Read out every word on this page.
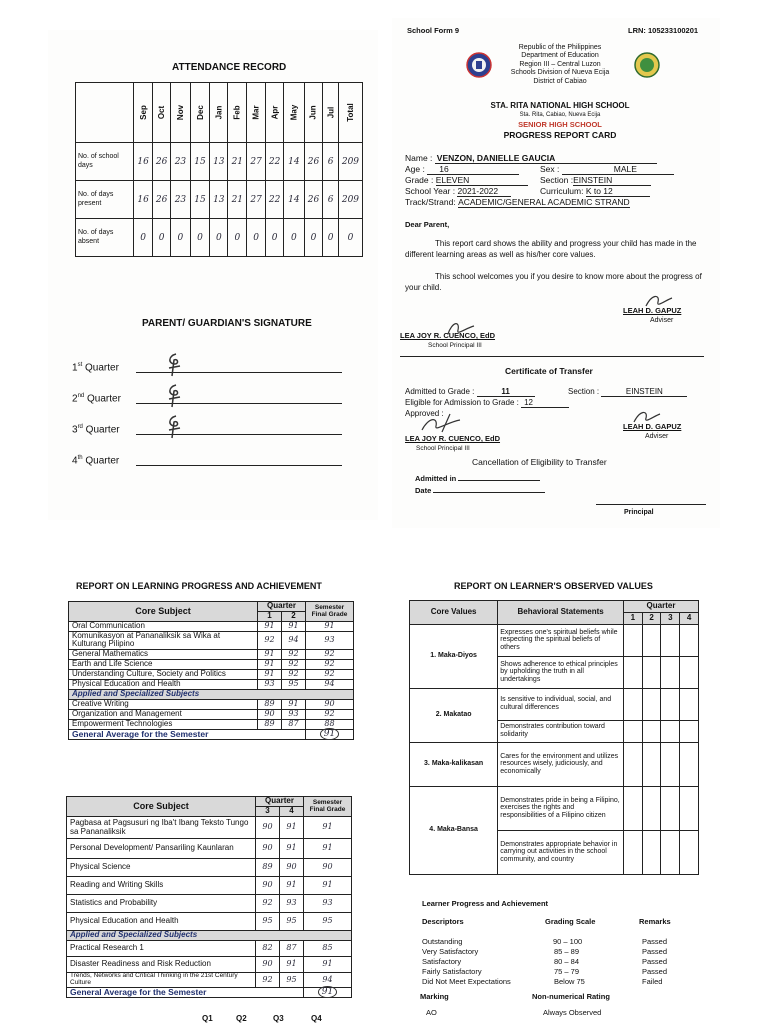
ATTENDANCE RECORD
	Sep	Oct	Nov	Dec	Jan	Feb	Mar	Apr	May	Jun	Jul	Total
No. of school days	16	26	23	15	13	21	27	22	14	26	6	209
No. of days present	16	26	23	15	13	21	27	22	14	26	6	209
No. of days absent	0	0	0	0	0	0	0	0	0	0	0	0
PARENT/ GUARDIAN'S SIGNATURE
1st Quarter
2nd Quarter
3rd Quarter
4th Quarter
School Form 9	LRN: 105233100201
Republic of the Philippines
Department of Education
Region III – Central Luzon
Schools Division of Nueva Ecija
District of Cabiao
STA. RITA NATIONAL HIGH SCHOOL
Sta. Rita, Cabiao, Nueva Ecija
SENIOR HIGH SCHOOL
PROGRESS REPORT CARD
Name : VENZON, DANIELLE GAUCIA
Age : 16	Sex :	MALE
Grade : ELEVEN	Section :EINSTEIN
School Year : 2021-2022	Curriculum: K to 12
Track/Strand: ACADEMIC/GENERAL ACADEMIC STRAND
Dear Parent,
This report card shows the ability and progress your child has made in the different learning areas as well as his/her core values.
This school welcomes you if you desire to know more about the progress of your child.
LEAH D. GAPUZ
Adviser
LEA JOY R. CUENCO, EdD
School Principal III
Certificate of Transfer
Admitted to Grade :	11	Section :	EINSTEIN
Eligible for Admission to Grade : 12
Approved :
LEA JOY R. CUENCO, EdD
School Principal III
LEAH D. GAPUZ
Adviser
Cancellation of Eligibility to Transfer
Admitted in
Date
Principal
REPORT ON LEARNING PROGRESS AND ACHIEVEMENT
Core Subject	Quarter		Semester Final Grade
	1	2	
Oral Communication	91	91	91
Komunikasyon at Pananaliksik sa Wika at Kulturang Pilipino	92	94	93
General Mathematics	91	92	92
Earth and Life Science	91	92	92
Understanding Culture, Society and Politics	91	92	92
Physical Education and Health	93	95	94
Applied and Specialized Subjects			
Creative Writing	89	91	90
Organization and Management	90	93	92
Empowerment Technologies	89	87	88
General Average for the Semester			91
Core Subject	Quarter		Semester Final Grade
	3	4	
Pagbasa at Pagsusuri ng Iba't Ibang Teksto Tungo sa Pananaliksik	90	91	91
Personal Development/ Pansariling Kaunlaran	90	91	91
Physical Science	89	90	90
Reading and Writing Skills	90	91	91
Statistics and Probability	92	93	93
Physical Education and Health	95	95	95
Applied and Specialized Subjects			
Practical Research 1	82	87	85
Disaster Readiness and Risk Reduction	90	91	91
Trends, Networks and Critical Thinking in the 21st Century Culture	92	95	94
General Average for the Semester			91
Q1	Q2	Q3	Q4
REPORT ON LEARNER'S OBSERVED VALUES
Core Values	Behavioral Statements	Quarter			
		1	2	3	4
1. Maka-Diyos	Expresses one's spiritual beliefs while respecting the spiritual beliefs of others				
	Shows adherence to ethical principles by upholding the truth in all undertakings				
2. Makatao	Is sensitive to individual, social, and cultural differences				
	Demonstrates contribution toward solidarity				
3. Maka-kalikasan	Cares for the environment and utilizes resources wisely, judiciously, and economically				
4. Maka-Bansa	Demonstrates pride in being a Filipino, exercises the rights and responsibilities of a Filipino citizen				
	Demonstrates appropriate behavior in carrying out activities in the school community, and country				
Learner Progress and Achievement
Descriptors	Grading Scale	Remarks
Outstanding	90 – 100	Passed
Very Satisfactory	85 – 89	Passed
Satisfactory	80 – 84	Passed
Fairly Satisfactory	75 – 79	Passed
Did Not Meet Expectations	Below 75	Failed
Marking	Non-numerical Rating
AO	Always Observed
